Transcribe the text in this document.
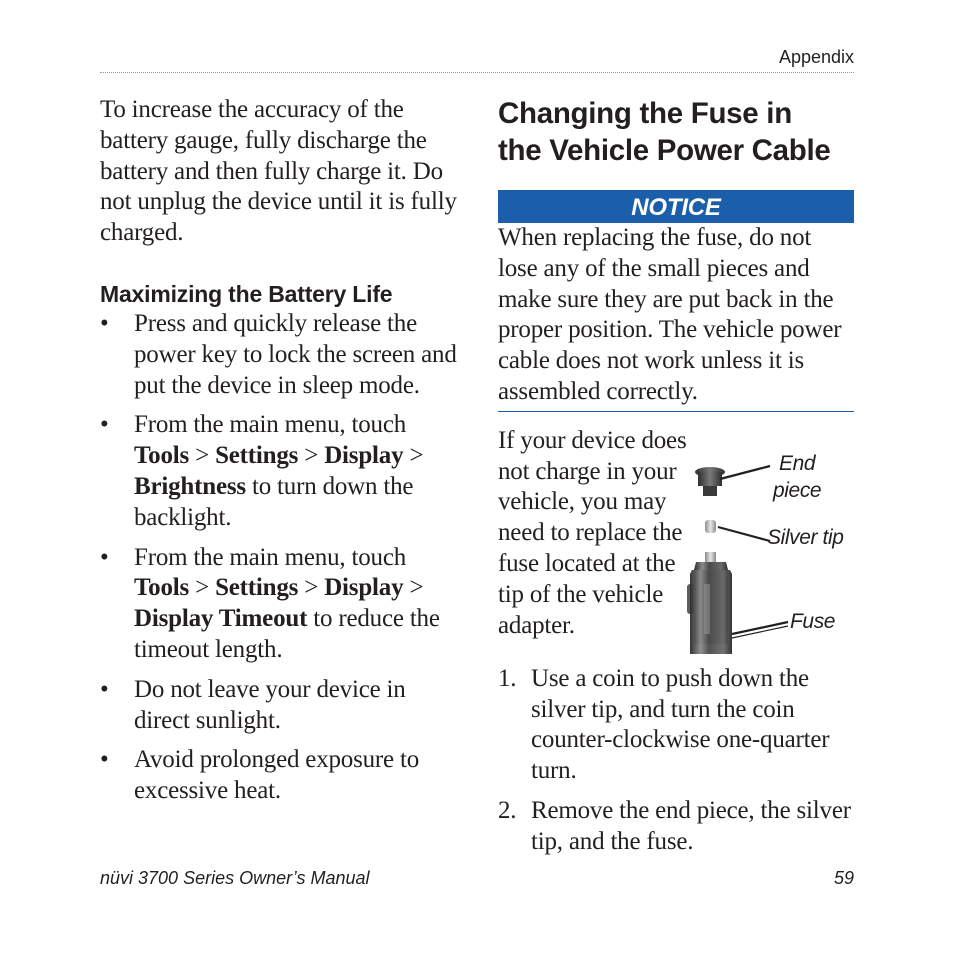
Appendix

To increase the accuracy of the battery gauge, fully discharge the battery and then fully charge it. Do not unplug the device until it is fully charged.

Maximizing the Battery Life
• Press and quickly release the power key to lock the screen and put the device in sleep mode.
• From the main menu, touch Tools > Settings > Display > Brightness to turn down the backlight.
• From the main menu, touch Tools > Settings > Display > Display Timeout to reduce the timeout length.
• Do not leave your device in direct sunlight.
• Avoid prolonged exposure to excessive heat.
Changing the Fuse in
the Vehicle Power Cable
NOTICE

When replacing the fuse, do not lose any of the small pieces and make sure they are put back in the proper position. The vehicle power cable does not work unless it is assembled correctly.

If your device does not charge in your vehicle, you may need to replace the fuse located at the tip of the vehicle adapter.

End
piece
Silver tip
Fuse
1. Use a coin to push down the silver tip, and turn the coin counter-clockwise one-quarter turn.
2. Remove the end piece, the silver tip, and the fuse.
nüvi 3700 Series Owner’s Manual	59
